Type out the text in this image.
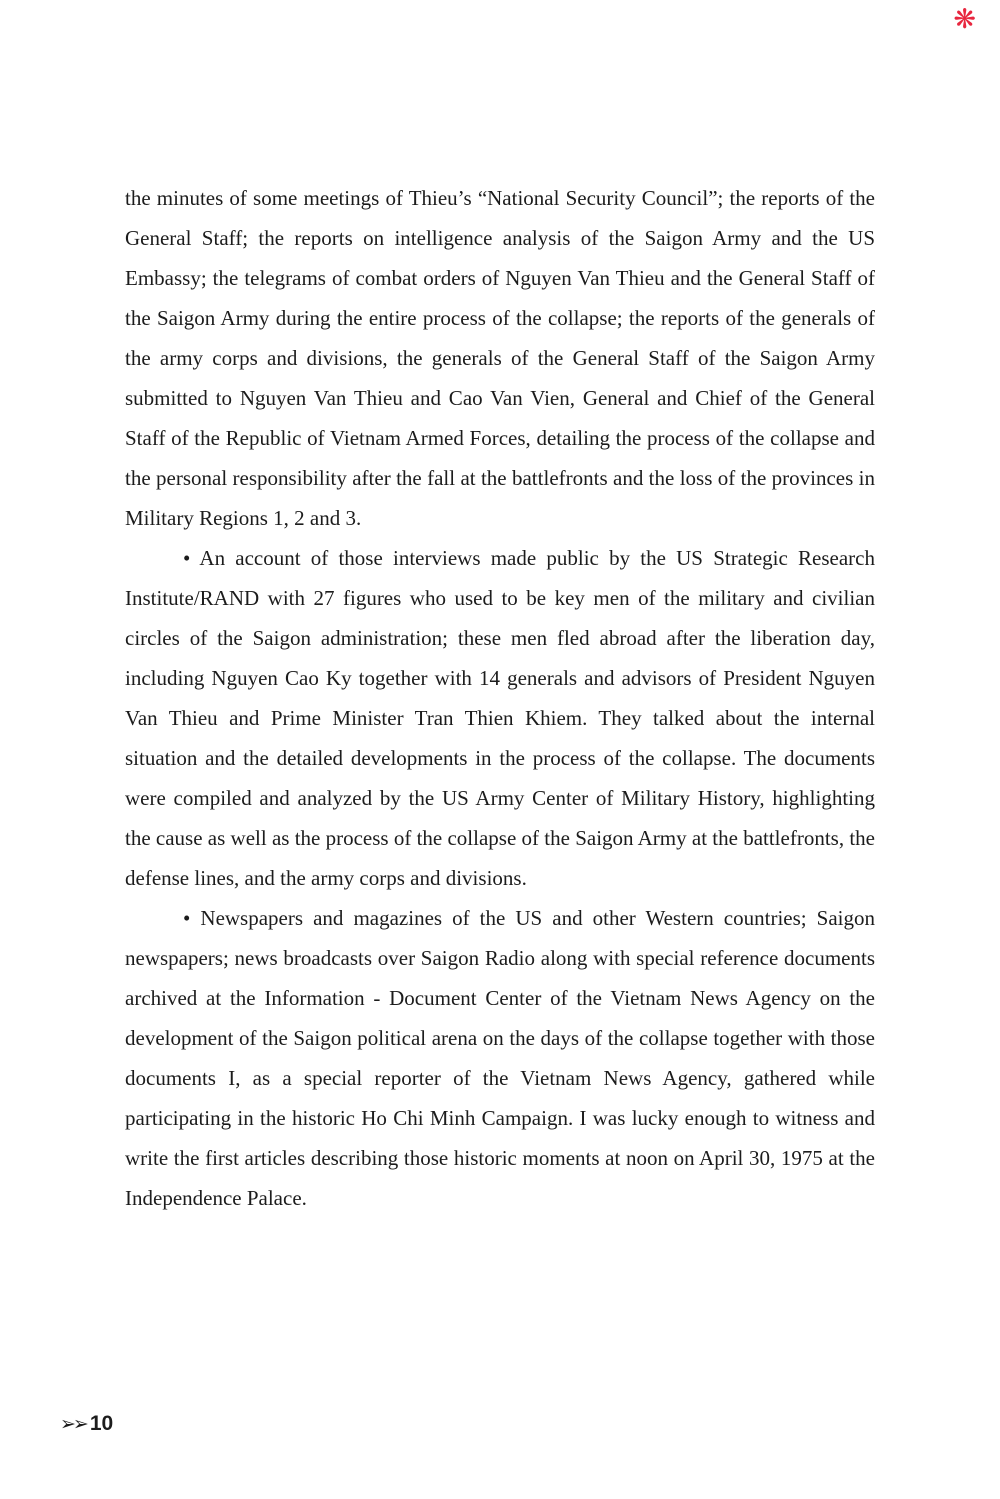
❋

the minutes of some meetings of Thieu’s “National Security Council”; the reports of the General Staff; the reports on intelligence analysis of the Saigon Army and the US Embassy; the telegrams of combat orders of Nguyen Van Thieu and the General Staff of the Saigon Army during the entire process of the collapse; the reports of the generals of the army corps and divisions, the generals of the General Staff of the Saigon Army submitted to Nguyen Van Thieu and Cao Van Vien, General and Chief of the General Staff of the Republic of Vietnam Armed Forces, detailing the process of the collapse and the personal responsibility after the fall at the battlefronts and the loss of the provinces in Military Regions 1, 2 and 3.

• An account of those interviews made public by the US Strategic Research Institute/RAND with 27 figures who used to be key men of the military and civilian circles of the Saigon administration; these men fled abroad after the liberation day, including Nguyen Cao Ky together with 14 generals and advisors of President Nguyen Van Thieu and Prime Minister Tran Thien Khiem. They talked about the internal situation and the detailed developments in the process of the collapse. The documents were compiled and analyzed by the US Army Center of Military History, highlighting the cause as well as the process of the collapse of the Saigon Army at the battlefronts, the defense lines, and the army corps and divisions.

• Newspapers and magazines of the US and other Western countries; Saigon newspapers; news broadcasts over Saigon Radio along with special reference documents archived at the Information - Document Center of the Vietnam News Agency on the development of the Saigon political arena on the days of the collapse together with those documents I, as a special reporter of the Vietnam News Agency, gathered while participating in the historic Ho Chi Minh Campaign. I was lucky enough to witness and write the first articles describing those historic moments at noon on April 30, 1975 at the Independence Palace.

➢➢ 10
